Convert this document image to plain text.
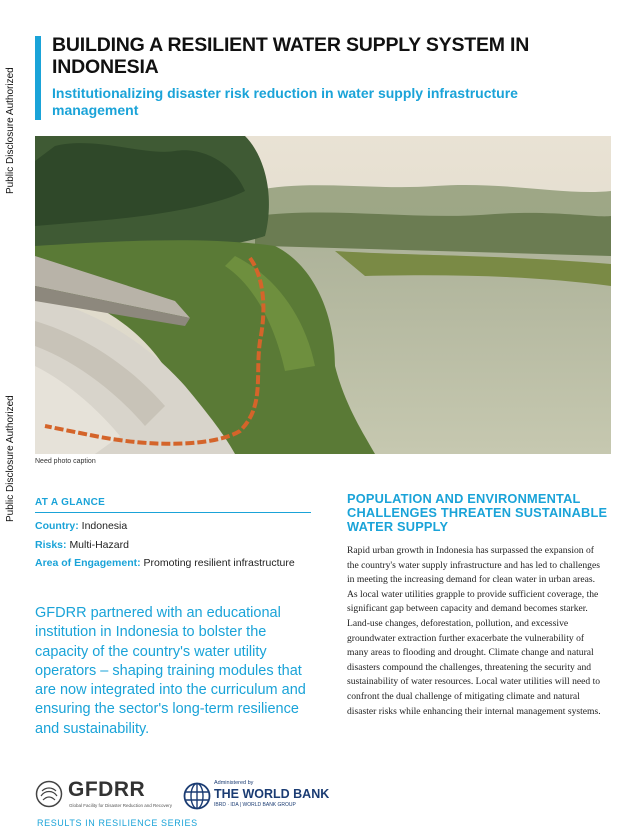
Public Disclosure Authorized
Public Disclosure Authorized
BUILDING A RESILIENT WATER SUPPLY SYSTEM IN INDONESIA
Institutionalizing disaster risk reduction in water supply infrastructure management
Need photo caption
AT A GLANCE
Country: Indonesia
Risks: Multi-Hazard
Area of Engagement: Promoting resilient infrastructure

GFDRR partnered with an educational institution in Indonesia to bolster the capacity of the country's water utility operators – shaping training modules that are now integrated into the curriculum and ensuring the sector's long-term resilience and sustainability.

POPULATION AND ENVIRONMENTAL CHALLENGES THREATEN SUSTAINABLE WATER SUPPLY

Rapid urban growth in Indonesia has surpassed the expansion of the country's water supply infrastructure and has led to challenges in meeting the increasing demand for clean water in urban areas. As local water utilities grapple to provide sufficient coverage, the significant gap between capacity and demand becomes starker. Land-use changes, deforestation, pollution, and excessive groundwater extraction further exacerbate the vulnerability of many areas to flooding and drought. Climate change and natural disasters compound the challenges, threatening the security and sustainability of water resources. Local water utilities will need to confront the dual challenge of mitigating climate and natural disaster risks while enhancing their internal management systems.

GFDRR
Global Facility for Disaster Reduction and Recovery
Administered by
THE WORLD BANK
IBRD · IDA | WORLD BANK GROUP
RESULTS IN RESILIENCE SERIES
